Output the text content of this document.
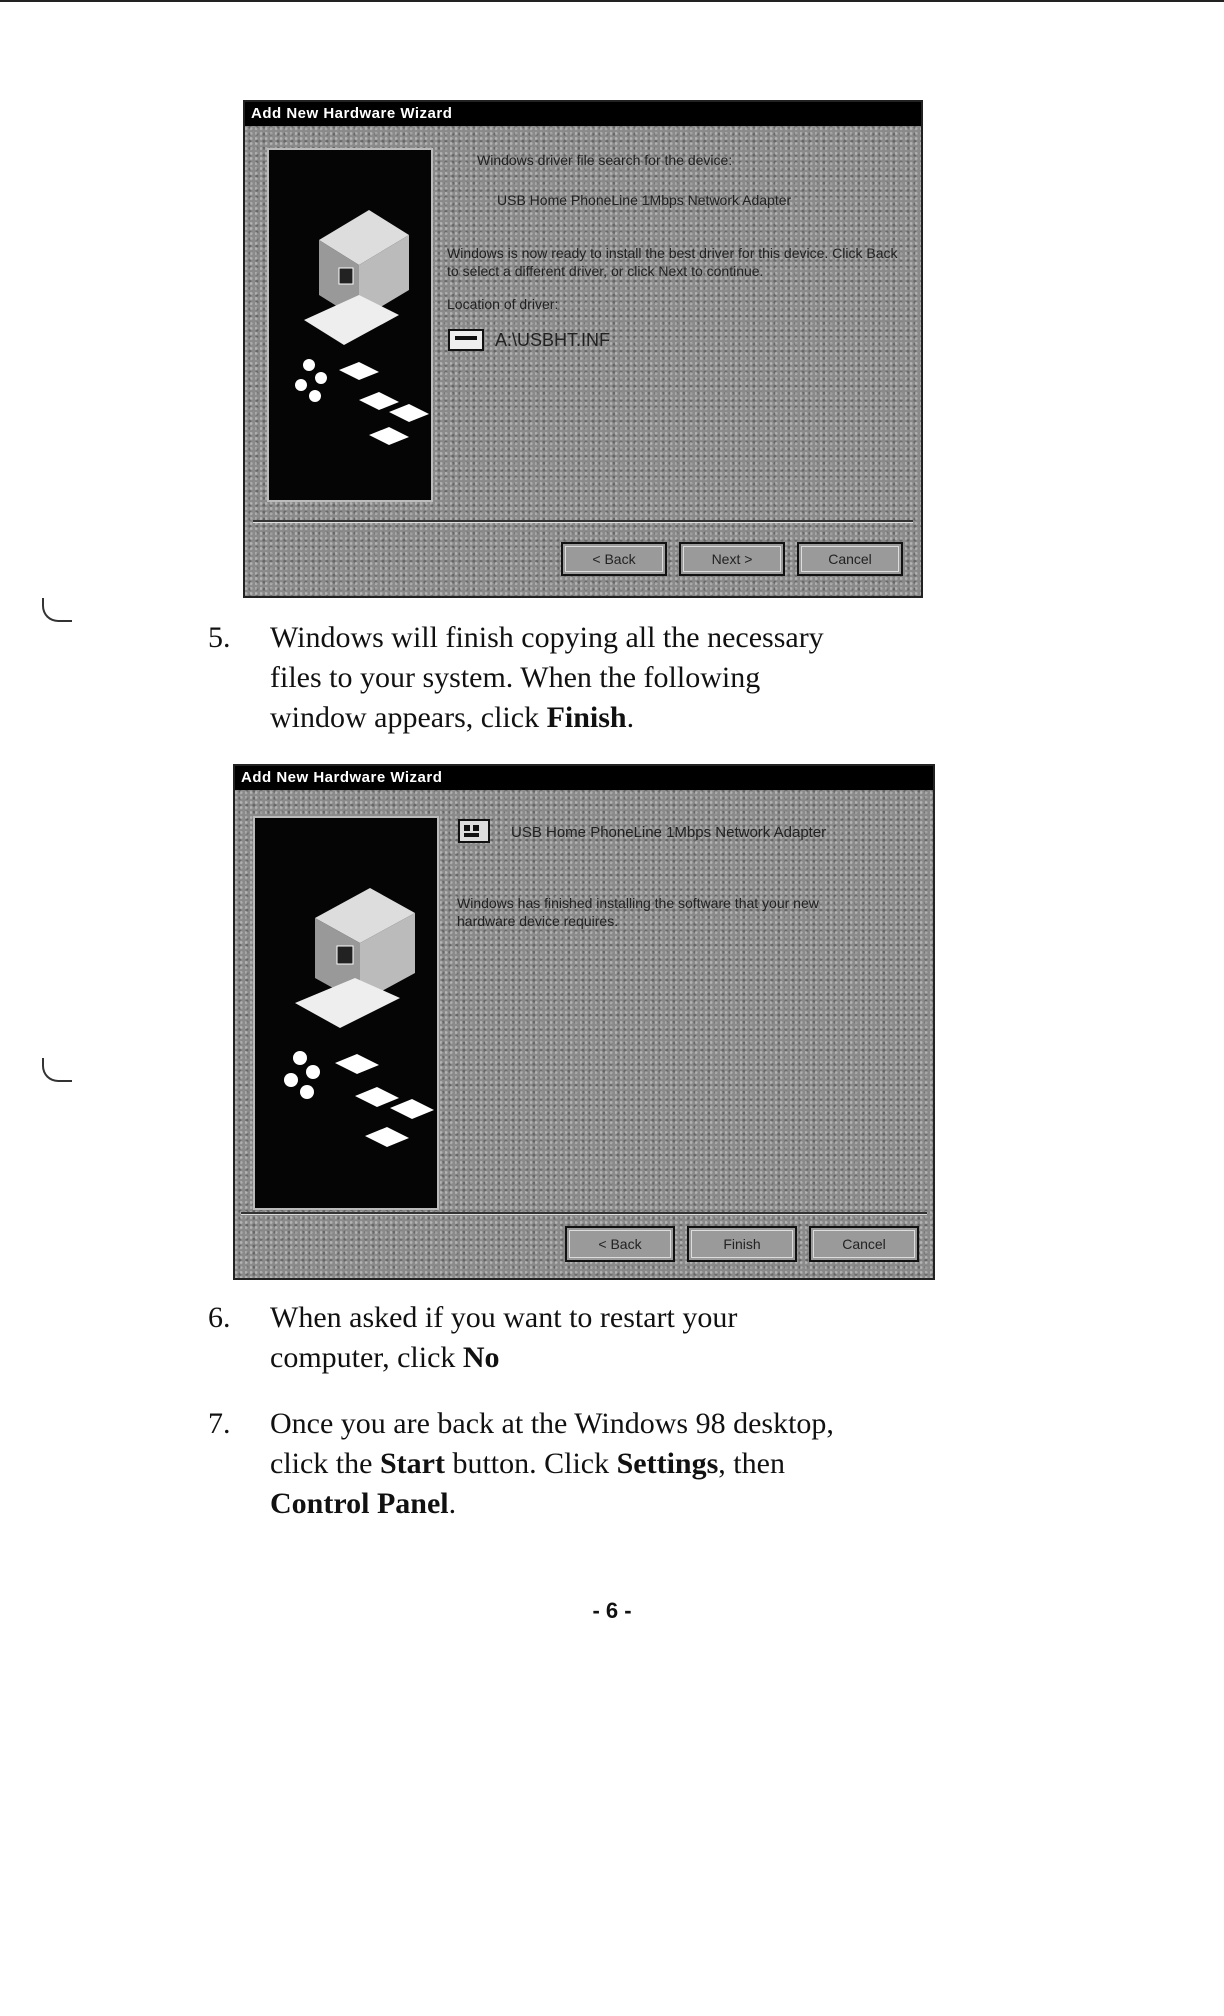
Add New Hardware Wizard
Windows driver file search for the device:
USB Home PhoneLine 1Mbps Network Adapter
Windows is now ready to install the best driver for this device. Click Back to select a different driver, or click Next to continue.
Location of driver:
A:\USBHT.INF
< Back	Next >	Cancel
5.	Windows will finish copying all the necessary
files to your system. When the following
window appears, click Finish.
Add New Hardware Wizard
USB Home PhoneLine 1Mbps Network Adapter
Windows has finished installing the software that your new
hardware device requires.
< Back	Finish	Cancel
6.	When asked if you want to restart your
computer, click No
7.	Once you are back at the Windows 98 desktop,
click the Start button. Click Settings, then
Control Panel.
- 6 -
